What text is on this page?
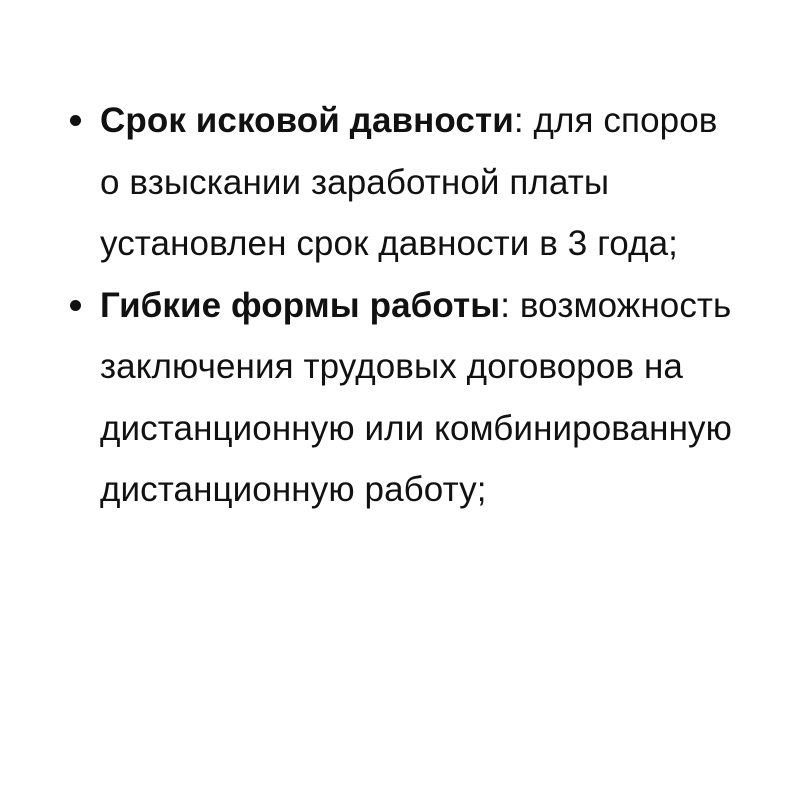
Срок исковой давности: для споров о взыскании заработной платы установлен срок давности в 3 года;
Гибкие формы работы: возможность заключения трудовых договоров на дистанционную или комбинированную дистанционную работу;
